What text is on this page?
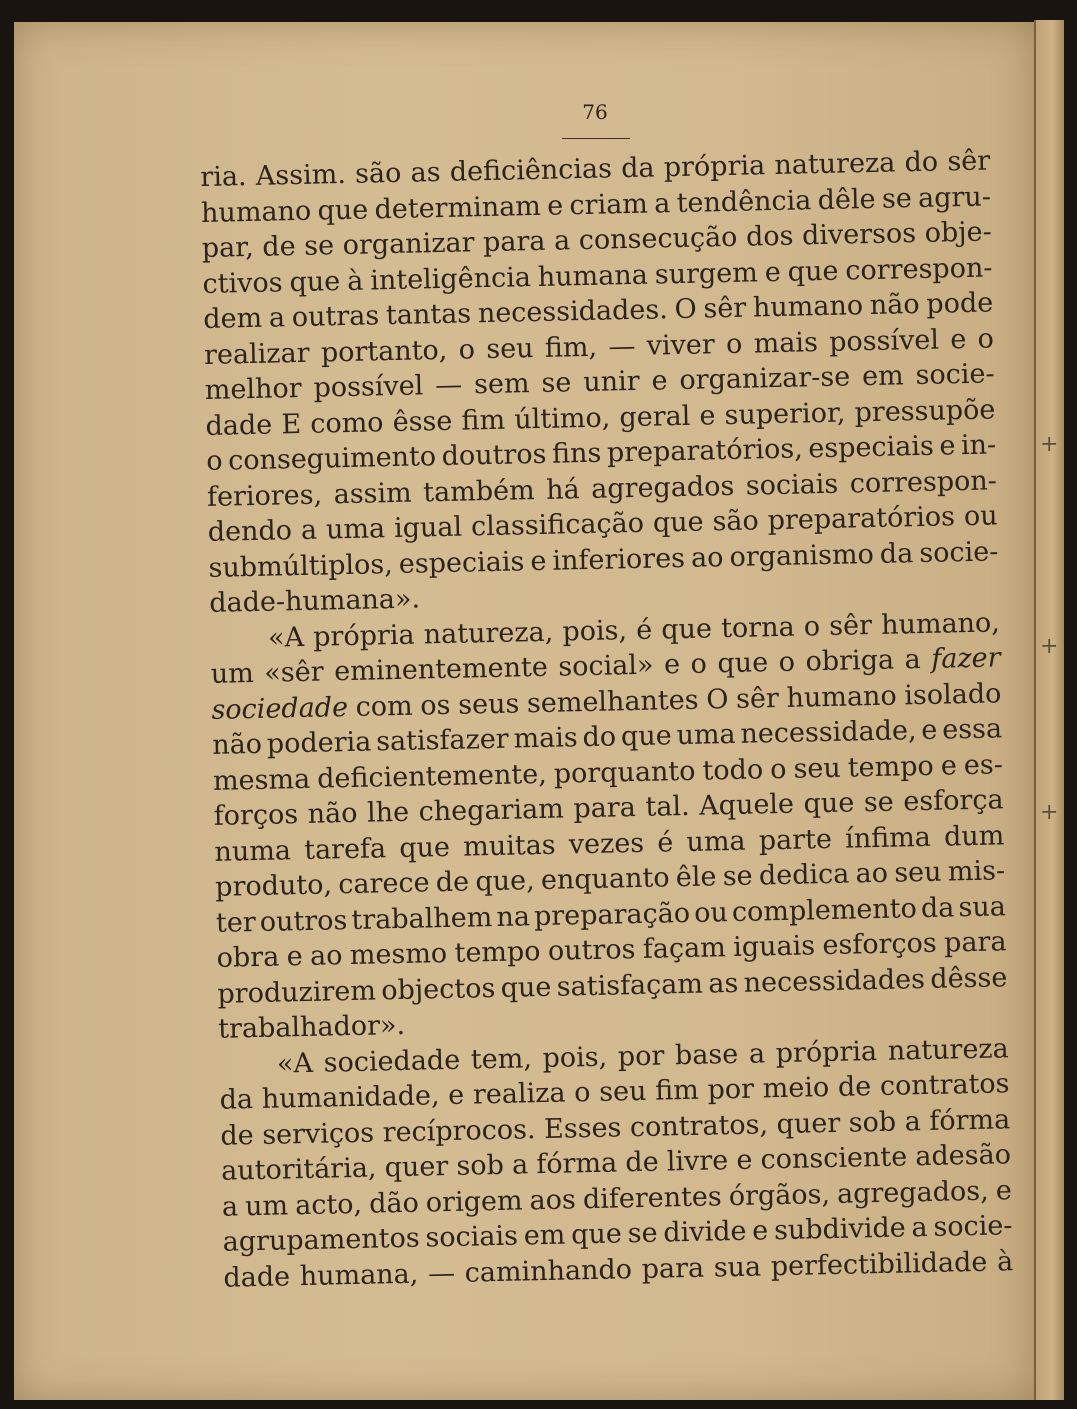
76
ria. Assim. são as deficiências da própria natureza do sêr
humano que determinam e criam a tendência dêle se agru-
par, de se organizar para a consecução dos diversos obje-
ctivos que à inteligência humana surgem e que correspon-
dem a outras tantas necessidades. O sêr humano não pode
realizar portanto, o seu fim, — viver o mais possível e o
melhor possível — sem se unir e organizar-se em socie-
dade E como êsse fim último, geral e superior, pressupõe
o conseguimento doutros fins preparatórios, especiais e in-
feriores, assim também há agregados sociais correspon-
dendo a uma igual classificação que são preparatórios ou
submúltiplos, especiais e inferiores ao organismo da socie-
dade-humana».
«A própria natureza, pois, é que torna o sêr humano,
um «sêr eminentemente social» e o que o obriga a fazer
sociedade com os seus semelhantes O sêr humano isolado
não poderia satisfazer mais do que uma necessidade, e essa
mesma deficientemente, porquanto todo o seu tempo e es-
forços não lhe chegariam para tal. Aquele que se esforça
numa tarefa que muitas vezes é uma parte ínfima dum
produto, carece de que, enquanto êle se dedica ao seu mis-
ter outros trabalhem na preparação ou complemento da sua
obra e ao mesmo tempo outros façam iguais esforços para
produzirem objectos que satisfaçam as necessidades dêsse
trabalhador».
«A sociedade tem, pois, por base a própria natureza
da humanidade, e realiza o seu fim por meio de contratos
de serviços recíprocos. Esses contratos, quer sob a fórma
autoritária, quer sob a fórma de livre e consciente adesão
a um acto, dão origem aos diferentes órgãos, agregados, e
agrupamentos sociais em que se divide e subdivide a socie-
dade humana, — caminhando para sua perfectibilidade à
+
+
+
